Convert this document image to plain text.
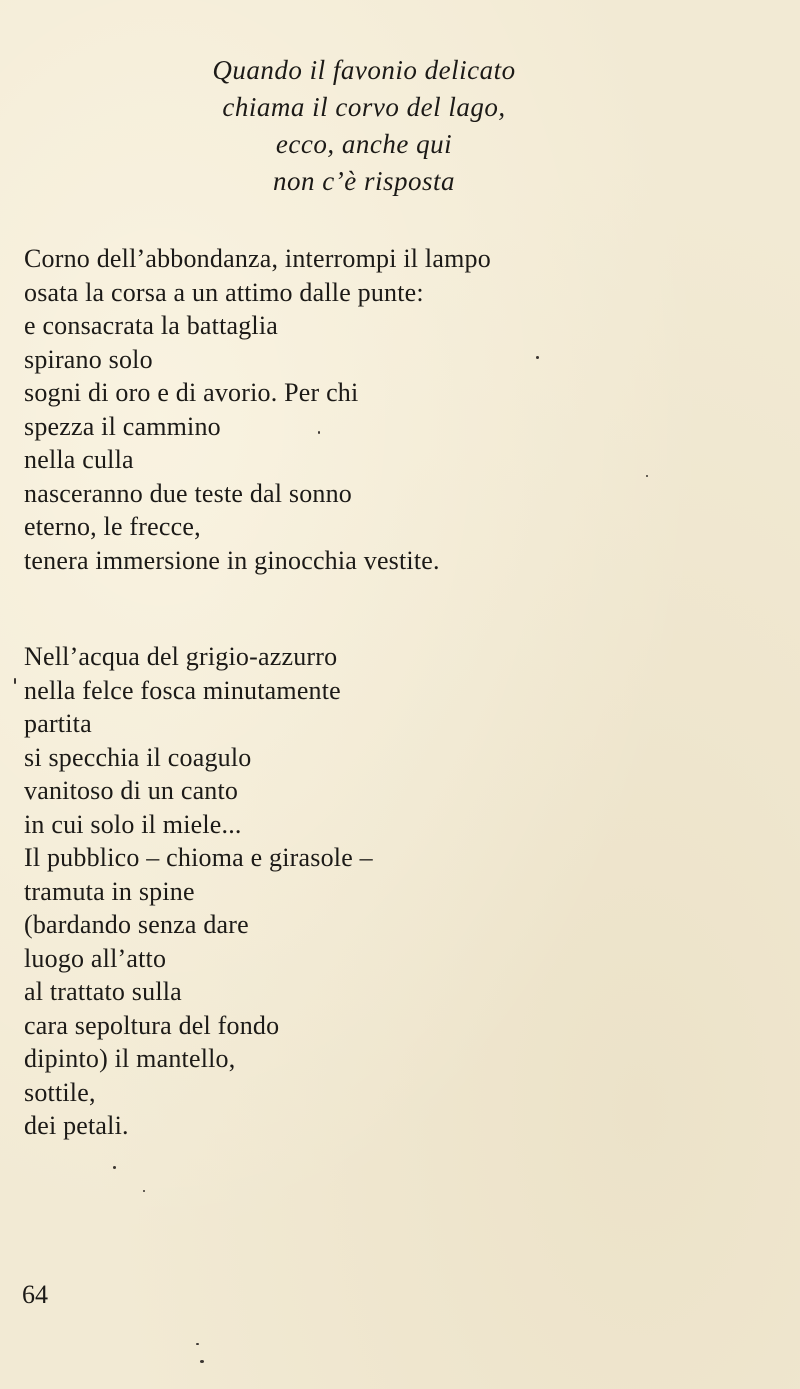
Quando il favonio delicato
chiama il corvo del lago,
ecco, anche qui
non c’è risposta
Corno dell’abbondanza, interrompi il lampo
osata la corsa a un attimo dalle punte:
e consacrata la battaglia
spirano solo
sogni di oro e di avorio. Per chi
spezza il cammino
nella culla
nasceranno due teste dal sonno
eterno, le frecce,
tenera immersione in ginocchia vestite.
Nell’acqua del grigio-azzurro
nella felce fosca minutamente
partita
si specchia il coagulo
vanitoso di un canto
in cui solo il miele...
Il pubblico – chioma e girasole –
tramuta in spine
(bardando senza dare
luogo all’atto
al trattato sulla
cara sepoltura del fondo
dipinto) il mantello,
sottile,
dei petali.
64
